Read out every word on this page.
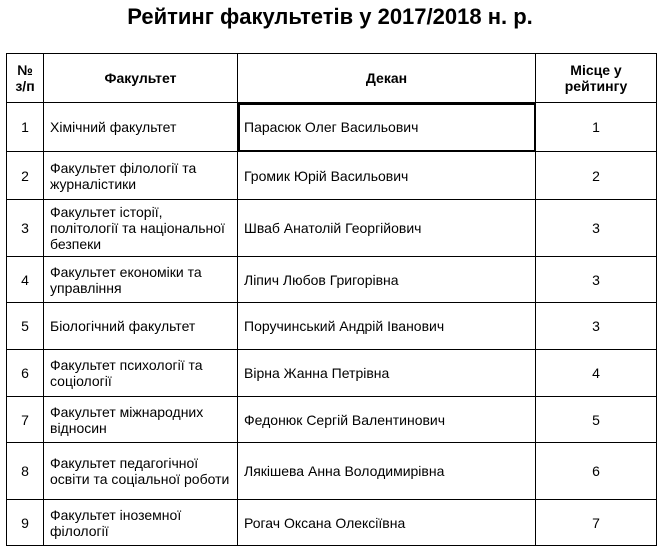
Рейтинг факультетів у 2017/2018 н. р.
№ з/п	Факультет	Декан	Місце у рейтингу
1	Хімічний факультет	Парасюк Олег Васильович	1
2	Факультет філології та журналістики	Громик Юрій Васильович	2
3	Факультет історії, політології та національної безпеки	Шваб Анатолій Георгійович	3
4	Факультет економіки та управління	Ліпич Любов Григорівна	3
5	Біологічний факультет	Поручинський Андрій Іванович	3
6	Факультет психології та соціології	Вірна Жанна Петрівна	4
7	Факультет міжнародних відносин	Федонюк Сергій Валентинович	5
8	Факультет педагогічної освіти та соціальної роботи	Лякішева Анна Володимирівна	6
9	Факультет іноземної філології	Рогач Оксана Олексіївна	7
